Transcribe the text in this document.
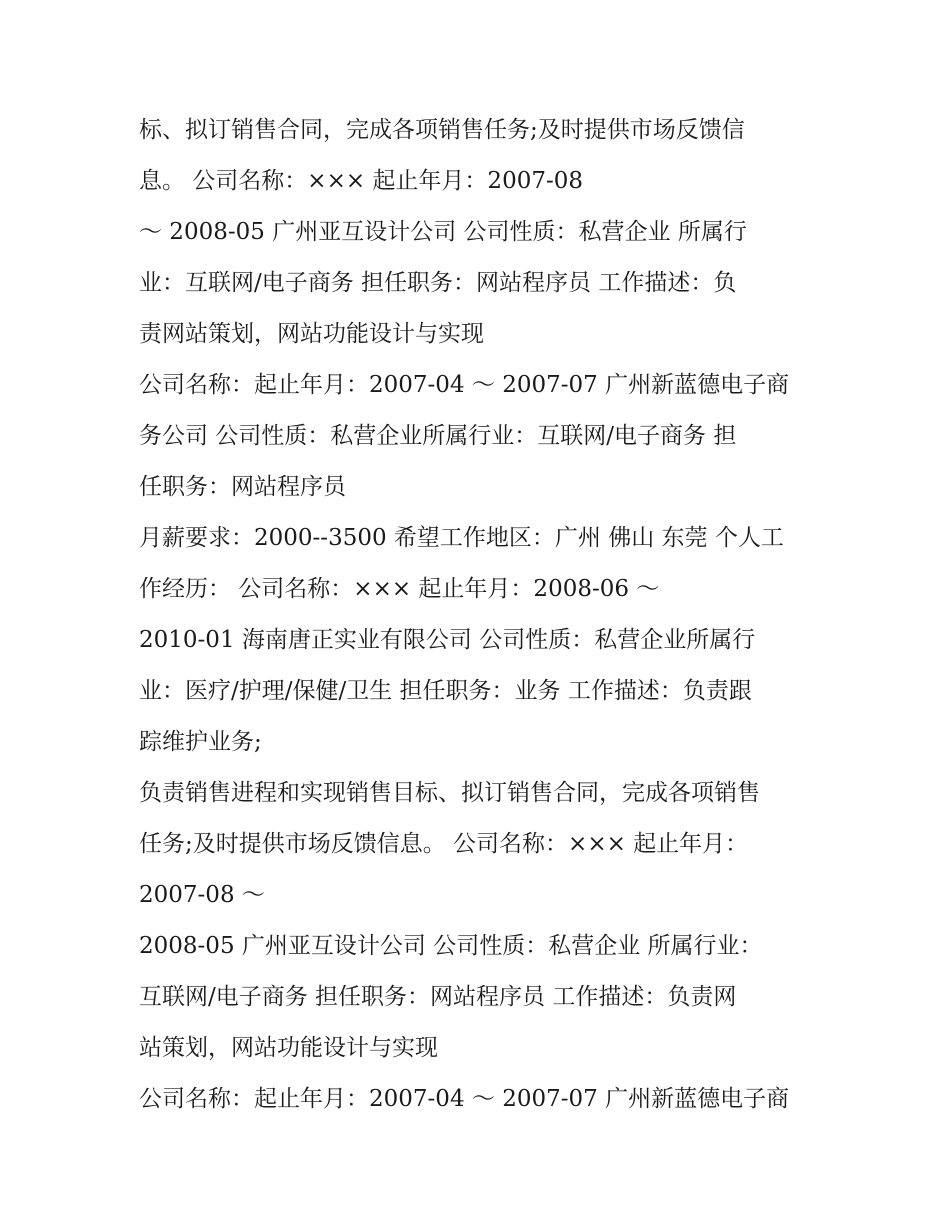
标、拟订销售合同，完成各项销售任务;及时提供市场反馈信
息。 公司名称：××× 起止年月：2007-08
～ 2008-05 广州亚互设计公司 公司性质：私营企业 所属行
业：互联网/电子商务 担任职务：网站程序员 工作描述：负
责网站策划，网站功能设计与实现
公司名称：起止年月：2007-04 ～ 2007-07 广州新蓝德电子商
务公司 公司性质：私营企业所属行业：互联网/电子商务 担
任职务：网站程序员
月薪要求：2000--3500 希望工作地区：广州 佛山 东莞 个人工
作经历： 公司名称：××× 起止年月：2008-06 ～
2010-01 海南唐正实业有限公司 公司性质：私营企业所属行
业：医疗/护理/保健/卫生 担任职务：业务 工作描述：负责跟
踪维护业务;
负责销售进程和实现销售目标、拟订销售合同，完成各项销售
任务;及时提供市场反馈信息。 公司名称：××× 起止年月：
2007-08 ～
2008-05 广州亚互设计公司 公司性质：私营企业 所属行业：
互联网/电子商务 担任职务：网站程序员 工作描述：负责网
站策划，网站功能设计与实现
公司名称：起止年月：2007-04 ～ 2007-07 广州新蓝德电子商
